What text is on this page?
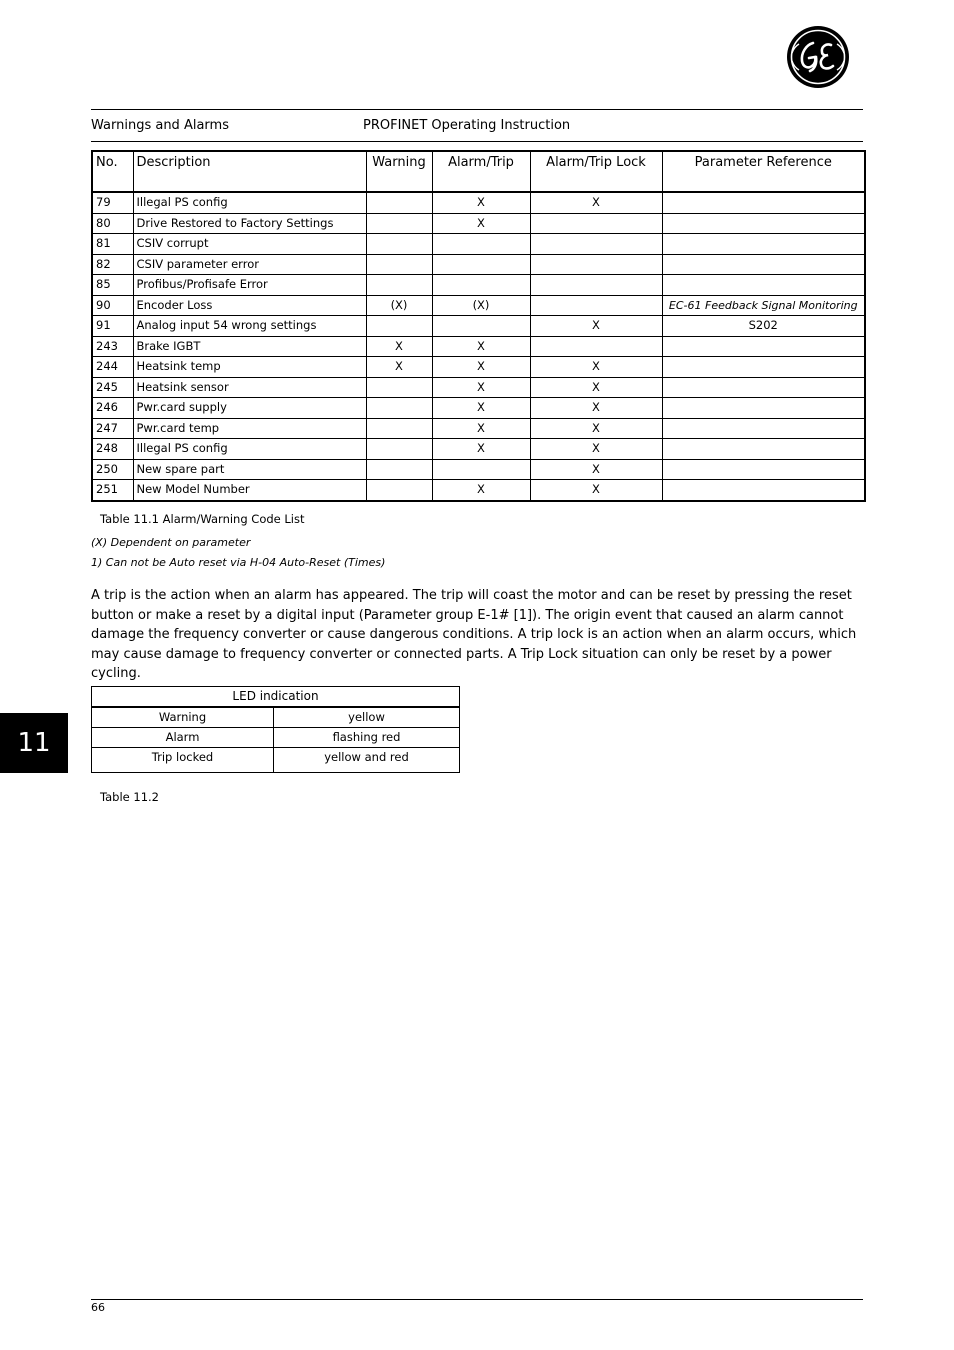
Warnings and Alarms	PROFINET Operating Instruction
No.	Description	Warning	Alarm/Trip	Alarm/Trip Lock	Parameter Reference
79	Illegal PS config		X	X	
80	Drive Restored to Factory Settings		X		
81	CSIV corrupt				
82	CSIV parameter error				
85	Profibus/Profisafe Error				
90	Encoder Loss	(X)	(X)		EC-61 Feedback Signal Monitoring
91	Analog input 54 wrong settings			X	S202
243	Brake IGBT	X	X		
244	Heatsink temp	X	X	X	
245	Heatsink sensor		X	X	
246	Pwr.card supply		X	X	
247	Pwr.card temp		X	X	
248	Illegal PS config		X	X	
250	New spare part			X	
251	New Model Number		X	X	
Table 11.1 Alarm/Warning Code List
(X) Dependent on parameter
1) Can not be Auto reset via H-04 Auto-Reset (Times)

A trip is the action when an alarm has appeared. The trip will coast the motor and can be reset by pressing the reset button or make a reset by a digital input (Parameter group E-1# [1]). The origin event that caused an alarm cannot damage the frequency converter or cause dangerous conditions. A trip lock is an action when an alarm occurs, which may cause damage to frequency converter or connected parts. A Trip Lock situation can only be reset by a power cycling.

LED indication	
Warning	yellow
Alarm	flashing red
Trip locked	yellow and red
Table 11.2
11
66
